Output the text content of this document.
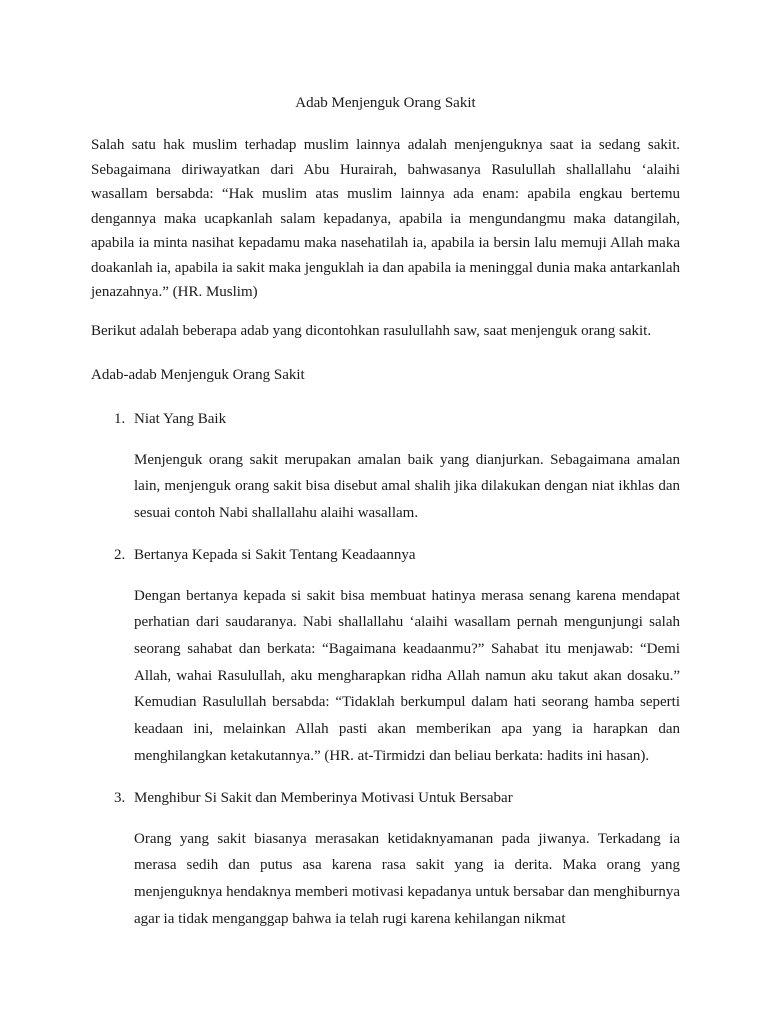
Adab Menjenguk Orang Sakit

Salah satu hak muslim terhadap muslim lainnya adalah menjenguknya saat ia sedang sakit. Sebagaimana diriwayatkan dari Abu Hurairah, bahwasanya Rasulullah shallallahu ‘alaihi wasallam bersabda: “Hak muslim atas muslim lainnya ada enam: apabila engkau bertemu dengannya maka ucapkanlah salam kepadanya, apabila ia mengundangmu maka datangilah, apabila ia minta nasihat kepadamu maka nasehatilah ia, apabila ia bersin lalu memuji Allah maka doakanlah ia, apabila ia sakit maka jenguklah ia dan apabila ia meninggal dunia maka antarkanlah jenazahnya.” (HR. Muslim)

Berikut adalah beberapa adab yang dicontohkan rasulullahh saw, saat menjenguk orang sakit.

Adab-adab Menjenguk Orang Sakit

1. Niat Yang Baik

Menjenguk orang sakit merupakan amalan baik yang dianjurkan. Sebagaimana amalan lain, menjenguk orang sakit bisa disebut amal shalih jika dilakukan dengan niat ikhlas dan sesuai contoh Nabi shallallahu alaihi wasallam.

2. Bertanya Kepada si Sakit Tentang Keadaannya

Dengan bertanya kepada si sakit bisa membuat hatinya merasa senang karena mendapat perhatian dari saudaranya. Nabi shallallahu ‘alaihi wasallam pernah mengunjungi salah seorang sahabat dan berkata: “Bagaimana keadaanmu?” Sahabat itu menjawab: “Demi Allah, wahai Rasulullah, aku mengharapkan ridha Allah namun aku takut akan dosaku.” Kemudian Rasulullah bersabda: “Tidaklah berkumpul dalam hati seorang hamba seperti keadaan ini, melainkan Allah pasti akan memberikan apa yang ia harapkan dan menghilangkan ketakutannya.” (HR. at-Tirmidzi dan beliau berkata: hadits ini hasan).

3. Menghibur Si Sakit dan Memberinya Motivasi Untuk Bersabar

Orang yang sakit biasanya merasakan ketidaknyamanan pada jiwanya. Terkadang ia merasa sedih dan putus asa karena rasa sakit yang ia derita. Maka orang yang menjenguknya hendaknya memberi motivasi kepadanya untuk bersabar dan menghiburnya agar ia tidak menganggap bahwa ia telah rugi karena kehilangan nikmat
